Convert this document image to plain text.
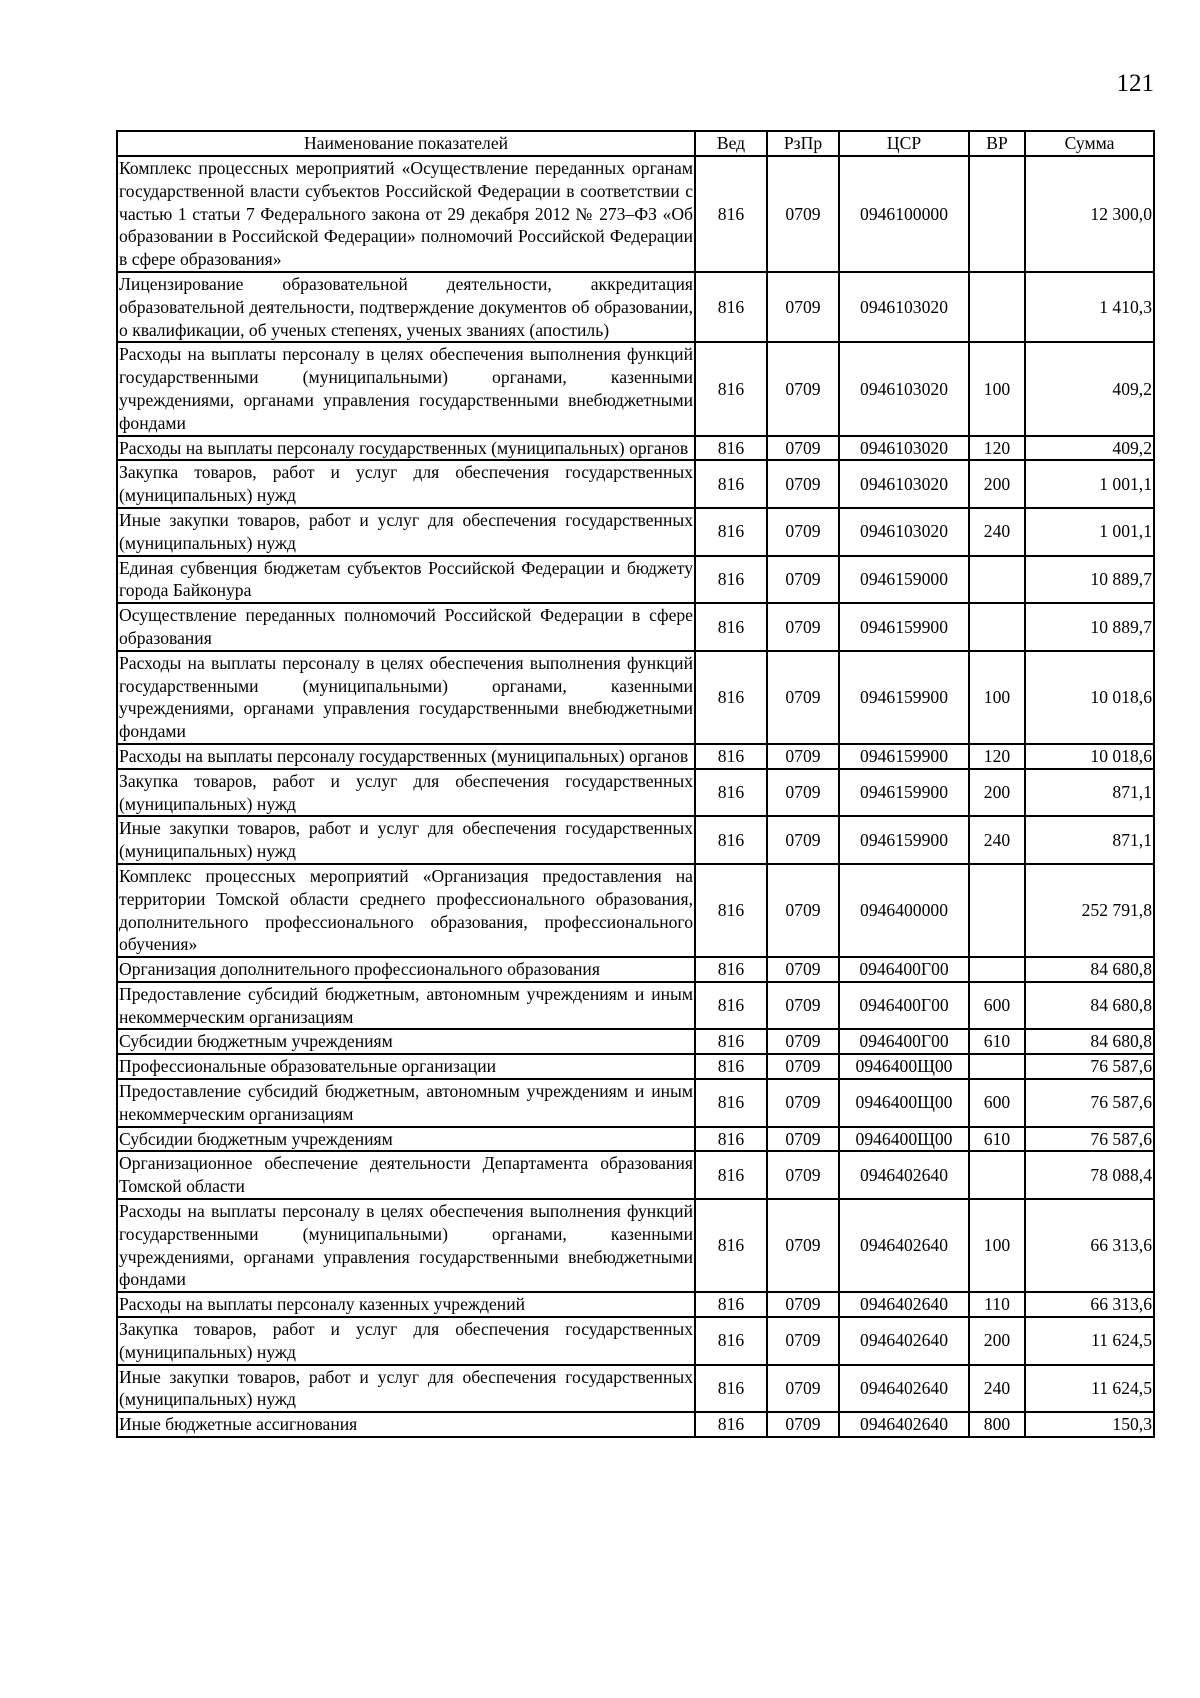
121
Наименование показателей	Вед	РзПр	ЦСР	ВР	Сумма
Комплекс процессных мероприятий «Осуществление переданных органам государственной власти субъектов Российской Федерации в соответствии с частью 1 статьи 7 Федерального закона от 29 декабря 2012 № 273–ФЗ «Об образовании в Российской Федерации» полномочий Российской Федерации в сфере образования»	816	0709	0946100000		12 300,0
Лицензирование образовательной деятельности, аккредитация образовательной деятельности, подтверждение документов об образовании, о квалификации, об ученых степенях, ученых званиях (апостиль)	816	0709	0946103020		1 410,3
Расходы на выплаты персоналу в целях обеспечения выполнения функций государственными (муниципальными) органами, казенными учреждениями, органами управления государственными внебюджетными фондами	816	0709	0946103020	100	409,2
Расходы на выплаты персоналу государственных (муниципальных) органов	816	0709	0946103020	120	409,2
Закупка товаров, работ и услуг для обеспечения государственных (муниципальных) нужд	816	0709	0946103020	200	1 001,1
Иные закупки товаров, работ и услуг для обеспечения государственных (муниципальных) нужд	816	0709	0946103020	240	1 001,1
Единая субвенция бюджетам субъектов Российской Федерации и бюджету города Байконура	816	0709	0946159000		10 889,7
Осуществление переданных полномочий Российской Федерации в сфере образования	816	0709	0946159900		10 889,7
Расходы на выплаты персоналу в целях обеспечения выполнения функций государственными (муниципальными) органами, казенными учреждениями, органами управления государственными внебюджетными фондами	816	0709	0946159900	100	10 018,6
Расходы на выплаты персоналу государственных (муниципальных) органов	816	0709	0946159900	120	10 018,6
Закупка товаров, работ и услуг для обеспечения государственных (муниципальных) нужд	816	0709	0946159900	200	871,1
Иные закупки товаров, работ и услуг для обеспечения государственных (муниципальных) нужд	816	0709	0946159900	240	871,1
Комплекс процессных мероприятий «Организация предоставления на территории Томской области среднего профессионального образования, дополнительного профессионального образования, профессионального обучения»	816	0709	0946400000		252 791,8
Организация дополнительного профессионального образования	816	0709	0946400Г00		84 680,8
Предоставление субсидий бюджетным, автономным учреждениям и иным некоммерческим организациям	816	0709	0946400Г00	600	84 680,8
Субсидии бюджетным учреждениям	816	0709	0946400Г00	610	84 680,8
Профессиональные образовательные организации	816	0709	0946400Щ00		76 587,6
Предоставление субсидий бюджетным, автономным учреждениям и иным некоммерческим организациям	816	0709	0946400Щ00	600	76 587,6
Субсидии бюджетным учреждениям	816	0709	0946400Щ00	610	76 587,6
Организационное обеспечение деятельности Департамента образования Томской области	816	0709	0946402640		78 088,4
Расходы на выплаты персоналу в целях обеспечения выполнения функций государственными (муниципальными) органами, казенными учреждениями, органами управления государственными внебюджетными фондами	816	0709	0946402640	100	66 313,6
Расходы на выплаты персоналу казенных учреждений	816	0709	0946402640	110	66 313,6
Закупка товаров, работ и услуг для обеспечения государственных (муниципальных) нужд	816	0709	0946402640	200	11 624,5
Иные закупки товаров, работ и услуг для обеспечения государственных (муниципальных) нужд	816	0709	0946402640	240	11 624,5
Иные бюджетные ассигнования	816	0709	0946402640	800	150,3
